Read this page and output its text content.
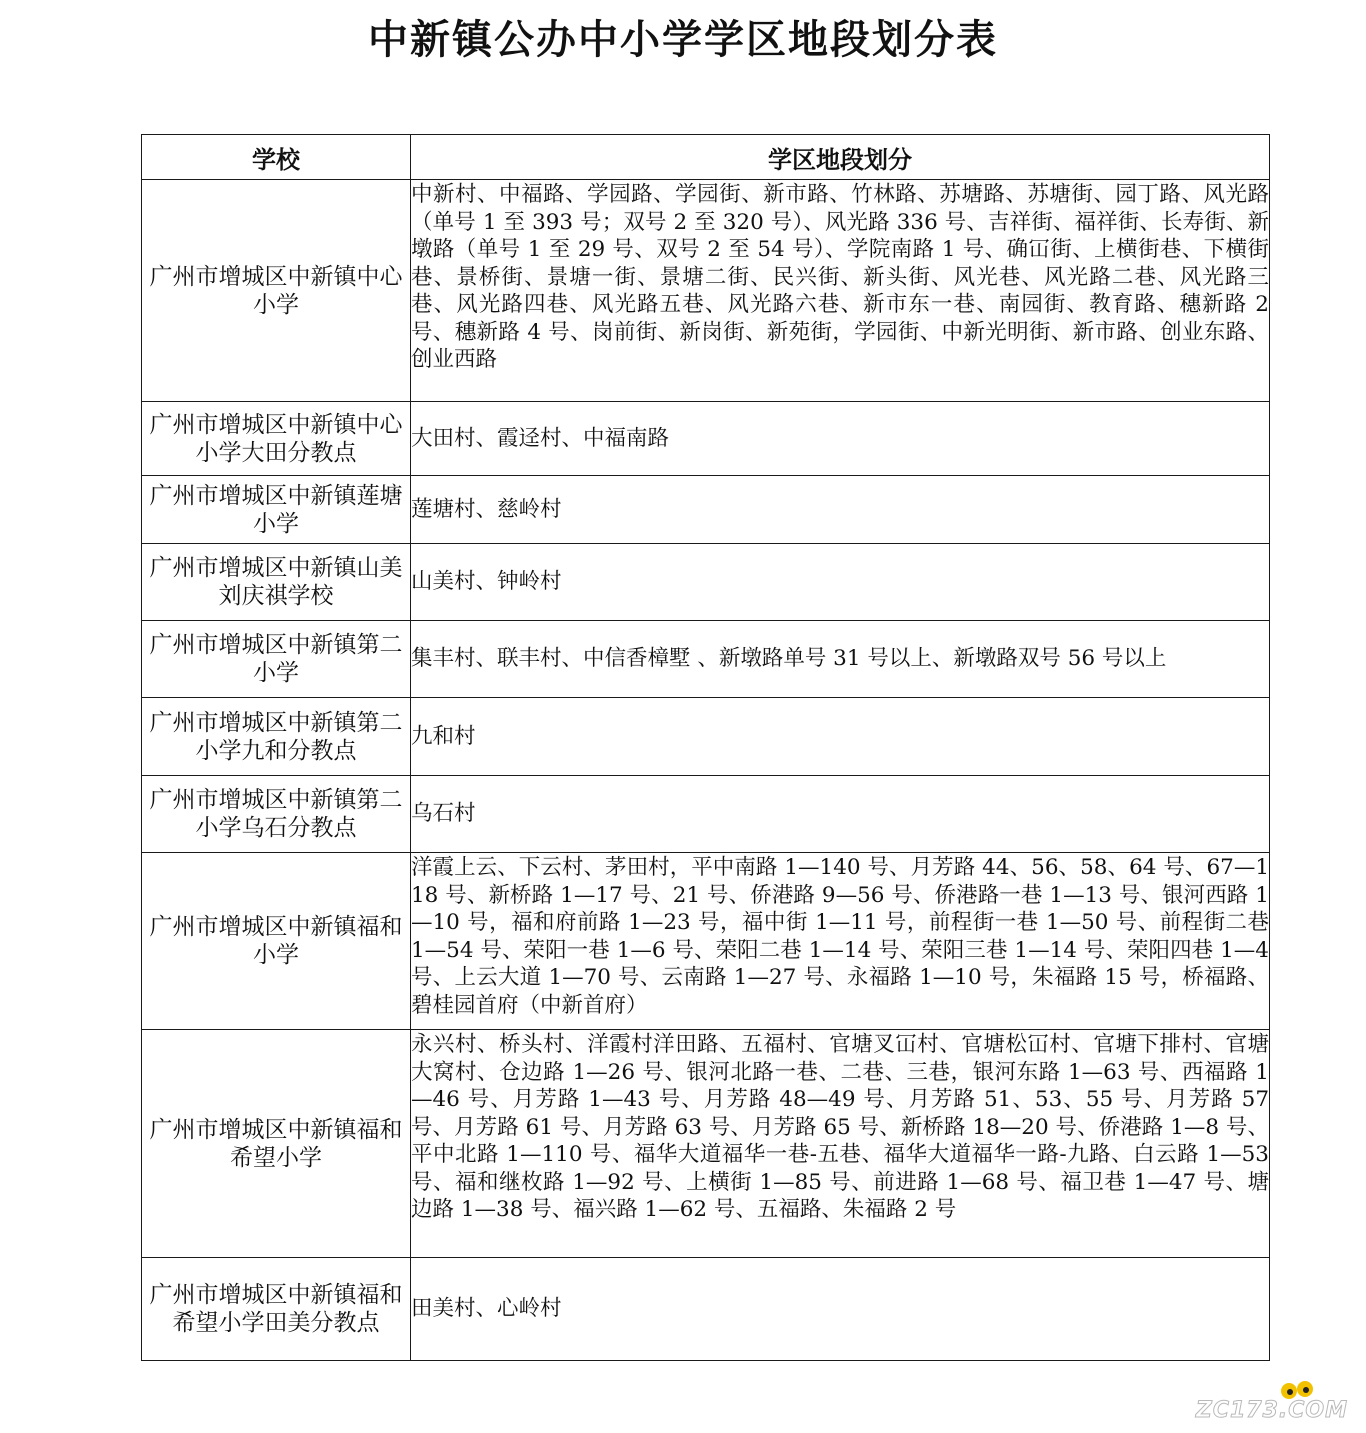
中新镇公办中小学学区地段划分表
学校	学区地段划分
广州市增城区中新镇中心小学	中新村、中福路、学园路、学园街、新市路、竹林路、苏塘路、苏塘街、园丁路、风光路（单号 1 至 393 号；双号 2 至 320 号）、风光路 336 号、吉祥街、福祥街、长寿街、新墩路（单号 1 至 29 号、双号 2 至 54 号）、学院南路 1 号、确冚街、上横街巷、下横街巷、景桥街、景塘一街、景塘二街、民兴街、新头街、风光巷、风光路二巷、风光路三巷、风光路四巷、风光路五巷、风光路六巷、新市东一巷、南园街、教育路、穗新路 2 号、穗新路 4 号、岗前街、新岗街、新苑街，学园街、中新光明街、新市路、创业东路、创业西路
广州市增城区中新镇中心小学大田分教点	大田村、霞迳村、中福南路
广州市增城区中新镇莲塘小学	莲塘村、慈岭村
广州市增城区中新镇山美刘庆祺学校	山美村、钟岭村
广州市增城区中新镇第二小学	集丰村、联丰村、中信香樟墅 、新墩路单号 31 号以上、新墩路双号 56 号以上
广州市增城区中新镇第二小学九和分教点	九和村
广州市增城区中新镇第二小学乌石分教点	乌石村
广州市增城区中新镇福和小学	洋霞上云、下云村、茅田村，平中南路 1—140 号、月芳路 44、56、58、64 号、67—118 号、新桥路 1—17 号、21 号、侨港路 9—56 号、侨港路一巷 1—13 号、银河西路 1—10 号，福和府前路 1—23 号，福中街 1—11 号，前程街一巷 1—50 号、前程街二巷 1—54 号、荣阳一巷 1—6 号、荣阳二巷 1—14 号、荣阳三巷 1—14 号、荣阳四巷 1—4 号、上云大道 1—70 号、云南路 1—27 号、永福路 1—10 号，朱福路 15 号，桥福路、碧桂园首府（中新首府）
广州市增城区中新镇福和希望小学	永兴村、桥头村、洋霞村洋田路、五福村、官塘叉冚村、官塘松冚村、官塘下排村、官塘大窝村、仓边路 1—26 号、银河北路一巷、二巷、三巷，银河东路 1—63 号、西福路 1—46 号、月芳路 1—43 号、月芳路 48—49 号、月芳路 51、53、55 号、月芳路 57 号、月芳路 61 号、月芳路 63 号、月芳路 65 号、新桥路 18—20 号、侨港路 1—8 号、平中北路 1—110 号、福华大道福华一巷-五巷、福华大道福华一路-九路、白云路 1—53 号、福和继枚路 1—92 号、上横街 1—85 号、前进路 1—68 号、福卫巷 1—47 号、塘边路 1—38 号、福兴路 1—62 号、五福路、朱福路 2 号
广州市增城区中新镇福和希望小学田美分教点	田美村、心岭村
ZC173.COM
